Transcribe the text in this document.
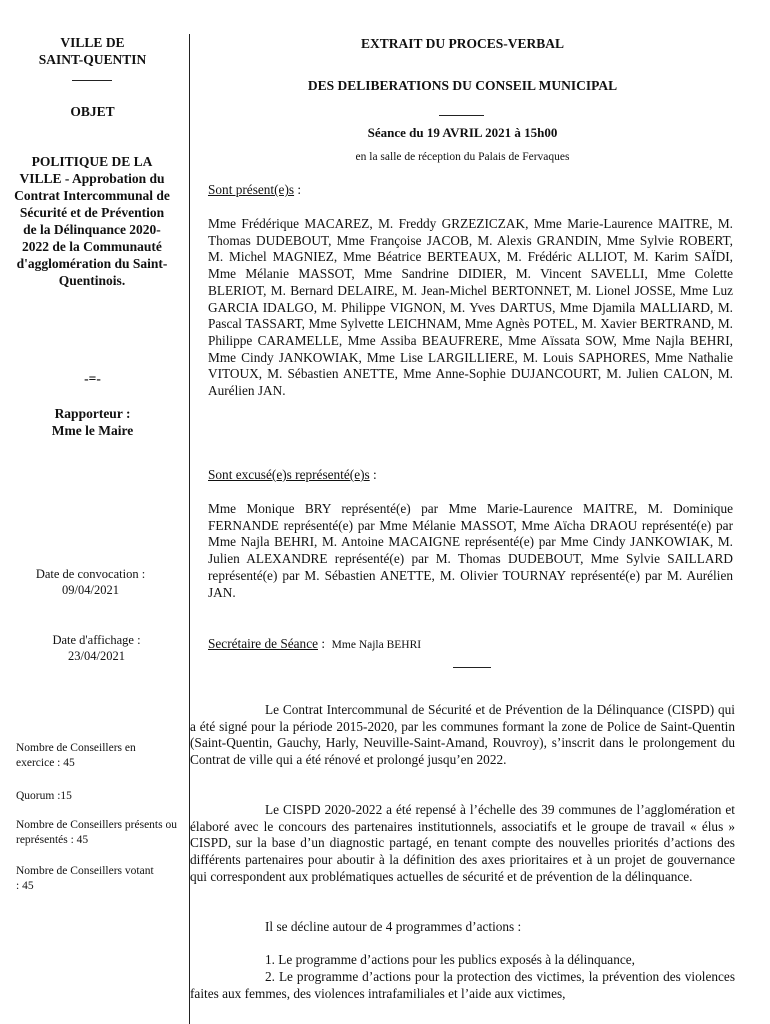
VILLE DE
SAINT-QUENTIN
OBJET
POLITIQUE DE LA VILLE - Approbation du Contrat Intercommunal de Sécurité et de Prévention de la Délinquance 2020-2022 de la Communauté d'agglomération du Saint-Quentinois.
-=-
Rapporteur :
Mme le Maire
Date de convocation :
09/04/2021
Date d'affichage :
23/04/2021
Nombre de Conseillers en exercice : 45
Quorum :15
Nombre de Conseillers présents ou représentés : 45
Nombre de Conseillers votant : 45
EXTRAIT DU PROCES-VERBAL
DES DELIBERATIONS DU CONSEIL MUNICIPAL
Séance du 19 AVRIL 2021 à 15h00
en la salle de réception du Palais de Fervaques
Sont présent(e)s :
Mme Frédérique MACAREZ, M. Freddy GRZEZICZAK, Mme Marie-Laurence MAITRE, M. Thomas DUDEBOUT, Mme Françoise JACOB, M. Alexis GRANDIN, Mme Sylvie ROBERT, M. Michel MAGNIEZ, Mme Béatrice BERTEAUX, M. Frédéric ALLIOT, M. Karim SAÏDI, Mme Mélanie MASSOT, Mme Sandrine DIDIER, M. Vincent SAVELLI, Mme Colette BLERIOT, M. Bernard DELAIRE, M. Jean-Michel BERTONNET, M. Lionel JOSSE, Mme Luz GARCIA IDALGO, M. Philippe VIGNON, M. Yves DARTUS, Mme Djamila MALLIARD, M. Pascal TASSART, Mme Sylvette LEICHNAM, Mme Agnès POTEL, M. Xavier BERTRAND, M. Philippe CARAMELLE, Mme Assiba BEAUFRERE, Mme Aïssata SOW, Mme Najla BEHRI, Mme Cindy JANKOWIAK, Mme Lise LARGILLIERE, M. Louis SAPHORES, Mme Nathalie VITOUX, M. Sébastien ANETTE, Mme Anne-Sophie DUJANCOURT, M. Julien CALON, M. Aurélien JAN.
Sont excusé(e)s représenté(e)s :
Mme Monique BRY représenté(e) par Mme Marie-Laurence MAITRE, M. Dominique FERNANDE représenté(e) par Mme Mélanie MASSOT, Mme Aïcha DRAOU représenté(e) par Mme Najla BEHRI, M. Antoine MACAIGNE représenté(e) par Mme Cindy JANKOWIAK, M. Julien ALEXANDRE représenté(e) par M. Thomas DUDEBOUT, Mme Sylvie SAILLARD représenté(e) par M. Sébastien ANETTE, M. Olivier TOURNAY représenté(e) par M. Aurélien JAN.
Secrétaire de Séance :  Mme Najla BEHRI
Le Contrat Intercommunal de Sécurité et de Prévention de la Délinquance (CISPD) qui a été signé pour la période 2015-2020, par les communes formant la zone de Police de Saint-Quentin (Saint-Quentin, Gauchy, Harly, Neuville-Saint-Amand, Rouvroy), s’inscrit dans le prolongement du Contrat de ville qui a été rénové et prolongé jusqu’en 2022.
Le CISPD 2020-2022 a été repensé à l’échelle des 39 communes de l’agglomération et élaboré avec le concours des partenaires institutionnels, associatifs et le groupe de travail « élus » CISPD, sur la base d’un diagnostic partagé, en tenant compte des nouvelles priorités d’actions des différents partenaires pour aboutir à la définition des axes prioritaires et à un projet de gouvernance qui correspondent aux problématiques actuelles de sécurité et de prévention de la délinquance.
Il se décline autour de 4 programmes d’actions :
1. Le programme d’actions pour les publics exposés à la délinquance,
2. Le programme d’actions pour la protection des victimes, la prévention des violences faites aux femmes, des violences intrafamiliales et l’aide aux victimes,
